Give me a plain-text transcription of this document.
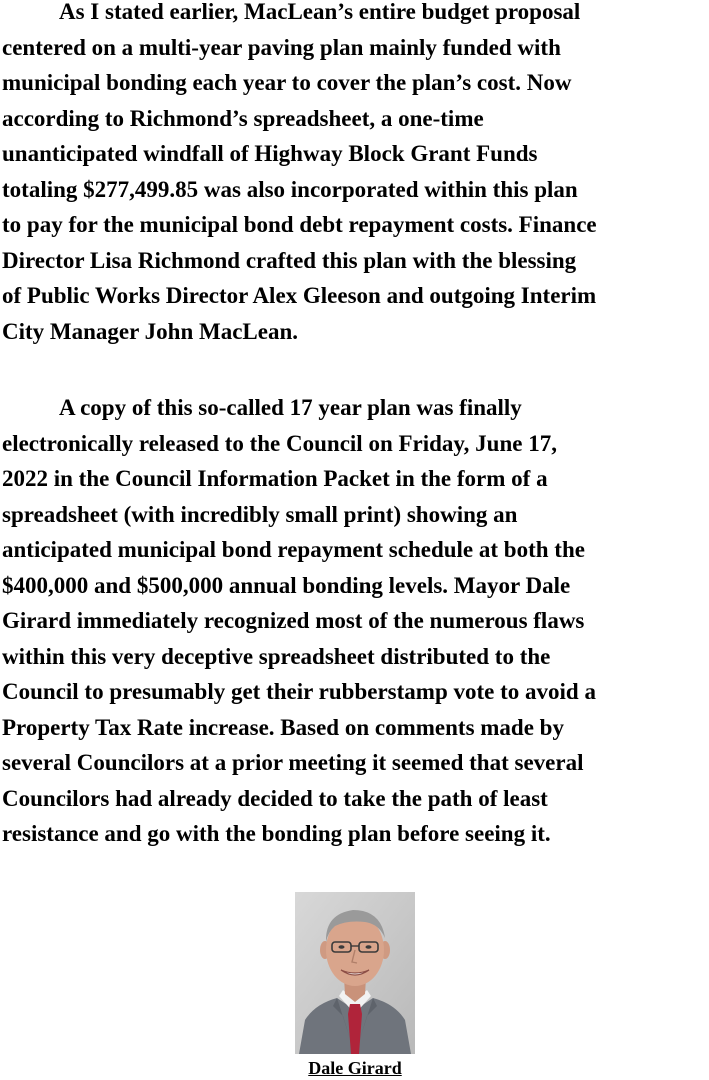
As I stated earlier, MacLean’s entire budget proposal
centered on a multi-year paving plan mainly funded with
municipal bonding each year to cover the plan’s cost. Now
according to Richmond’s spreadsheet, a one-time
unanticipated windfall of Highway Block Grant Funds
totaling $277,499.85 was also incorporated within this plan
to pay for the municipal bond debt repayment costs. Finance
Director Lisa Richmond crafted this plan with the blessing
of Public Works Director Alex Gleeson and outgoing Interim
City Manager John MacLean.
A copy of this so-called 17 year plan was finally
electronically released to the Council on Friday, June 17,
2022 in the Council Information Packet in the form of a
spreadsheet (with incredibly small print) showing an
anticipated municipal bond repayment schedule at both the
$400,000 and $500,000 annual bonding levels. Mayor Dale
Girard immediately recognized most of the numerous flaws
within this very deceptive spreadsheet distributed to the
Council to presumably get their rubberstamp vote to avoid a
Property Tax Rate increase. Based on comments made by
several Councilors at a prior meeting it seemed that several
Councilors had already decided to take the path of least
resistance and go with the bonding plan before seeing it.
Dale Girard
